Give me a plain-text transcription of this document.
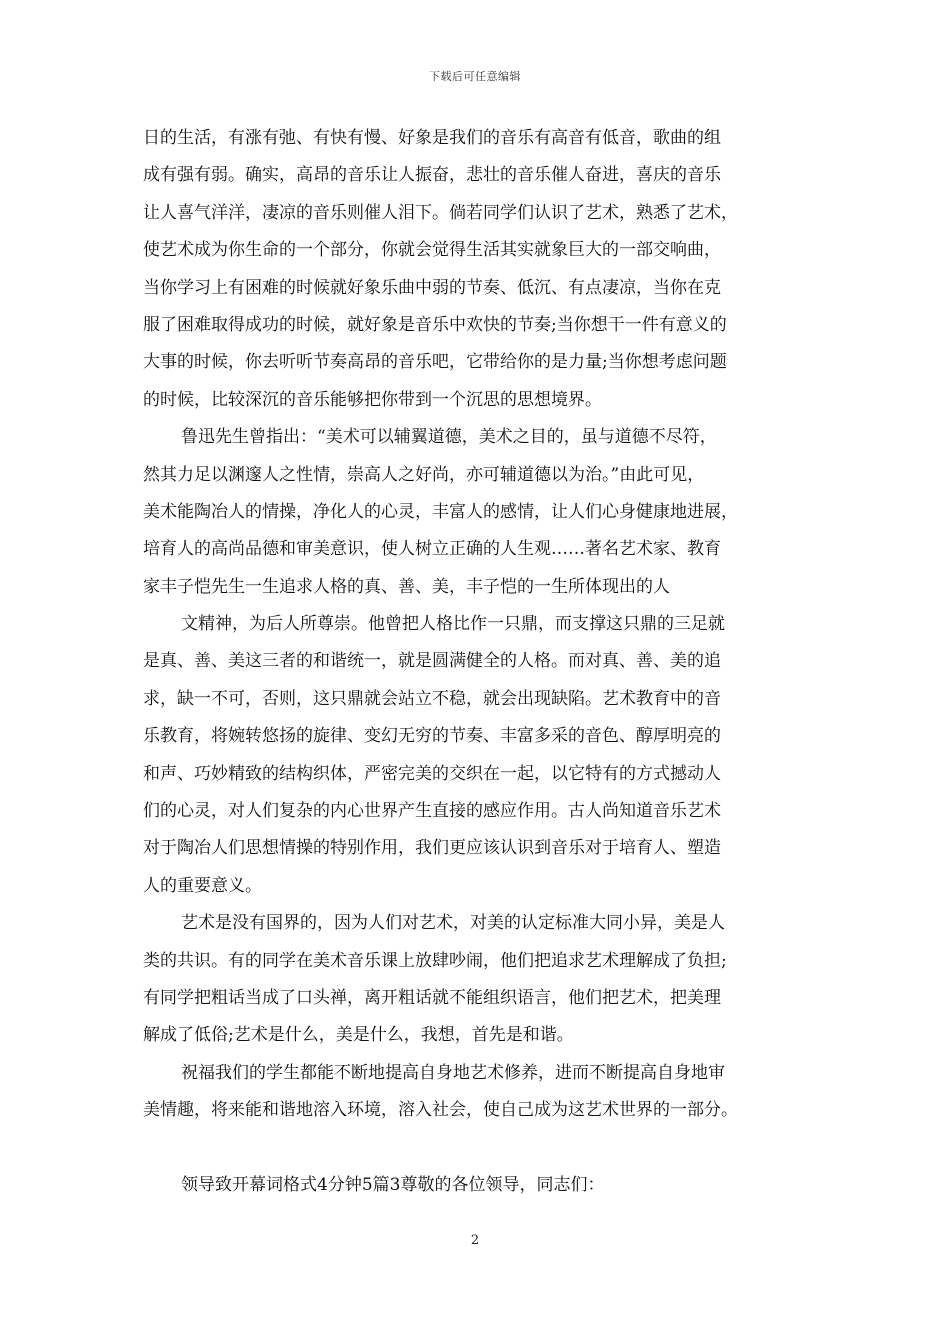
下载后可任意编辑
日的生活，有涨有弛、有快有慢、好象是我们的音乐有高音有低音，歌曲的组
成有强有弱。确实，高昂的音乐让人振奋，悲壮的音乐催人奋进，喜庆的音乐
让人喜气洋洋，凄凉的音乐则催人泪下。倘若同学们认识了艺术，熟悉了艺术，
使艺术成为你生命的一个部分，你就会觉得生活其实就象巨大的一部交响曲，
当你学习上有困难的时候就好象乐曲中弱的节奏、低沉、有点凄凉，当你在克
服了困难取得成功的时候，就好象是音乐中欢快的节奏;当你想干一件有意义的
大事的时候，你去听听节奏高昂的音乐吧，它带给你的是力量;当你想考虑问题
的时候，比较深沉的音乐能够把你带到一个沉思的思想境界。
鲁迅先生曾指出：“美术可以辅翼道德，美术之目的，虽与道德不尽符，
然其力足以渊邃人之性情，崇高人之好尚，亦可辅道德以为治。”由此可见，
美术能陶冶人的情操，净化人的心灵，丰富人的感情，让人们心身健康地进展，
培育人的高尚品德和审美意识，使人树立正确的人生观……著名艺术家、教育
家丰子恺先生一生追求人格的真、善、美，丰子恺的一生所体现出的人
文精神，为后人所尊崇。他曾把人格比作一只鼎，而支撑这只鼎的三足就
是真、善、美这三者的和谐统一，就是圆满健全的人格。而对真、善、美的追
求，缺一不可，否则，这只鼎就会站立不稳，就会出现缺陷。艺术教育中的音
乐教育，将婉转悠扬的旋律、变幻无穷的节奏、丰富多采的音色、醇厚明亮的
和声、巧妙精致的结构织体，严密完美的交织在一起，以它特有的方式撼动人
们的心灵，对人们复杂的内心世界产生直接的感应作用。古人尚知道音乐艺术
对于陶冶人们思想情操的特别作用，我们更应该认识到音乐对于培育人、塑造
人的重要意义。
艺术是没有国界的，因为人们对艺术，对美的认定标准大同小异，美是人
类的共识。有的同学在美术音乐课上放肆吵闹，他们把追求艺术理解成了负担;
有同学把粗话当成了口头禅，离开粗话就不能组织语言，他们把艺术，把美理
解成了低俗;艺术是什么，美是什么，我想，首先是和谐。
祝福我们的学生都能不断地提高自身地艺术修养，进而不断提高自身地审
美情趣，将来能和谐地溶入环境，溶入社会，使自己成为这艺术世界的一部分。
领导致开幕词格式4分钟5篇3尊敬的各位领导，同志们：
2
